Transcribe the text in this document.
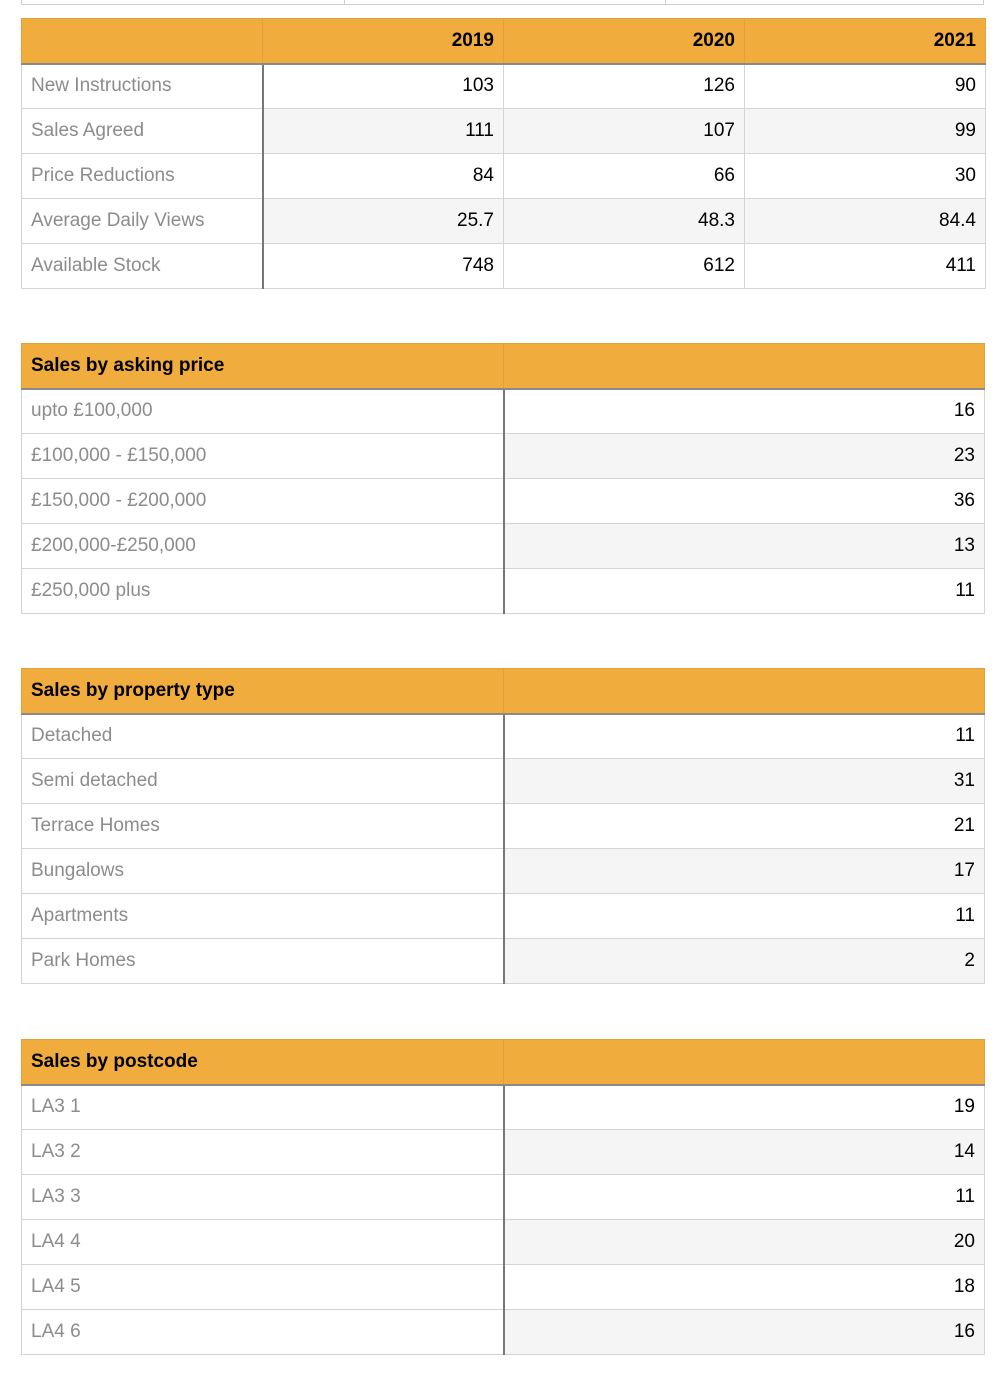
	2019	2020	2021
New Instructions	103	126	90
Sales Agreed	111	107	99
Price Reductions	84	66	30
Average Daily Views	25.7	48.3	84.4
Available Stock	748	612	411
Sales by asking price	
upto £100,000	16
£100,000 - £150,000	23
£150,000 - £200,000	36
£200,000-£250,000	13
£250,000 plus	11
Sales by property type	
Detached	11
Semi detached	31
Terrace Homes	21
Bungalows	17
Apartments	11
Park Homes	2
Sales by postcode	
LA3 1	19
LA3 2	14
LA3 3	11
LA4 4	20
LA4 5	18
LA4 6	16
